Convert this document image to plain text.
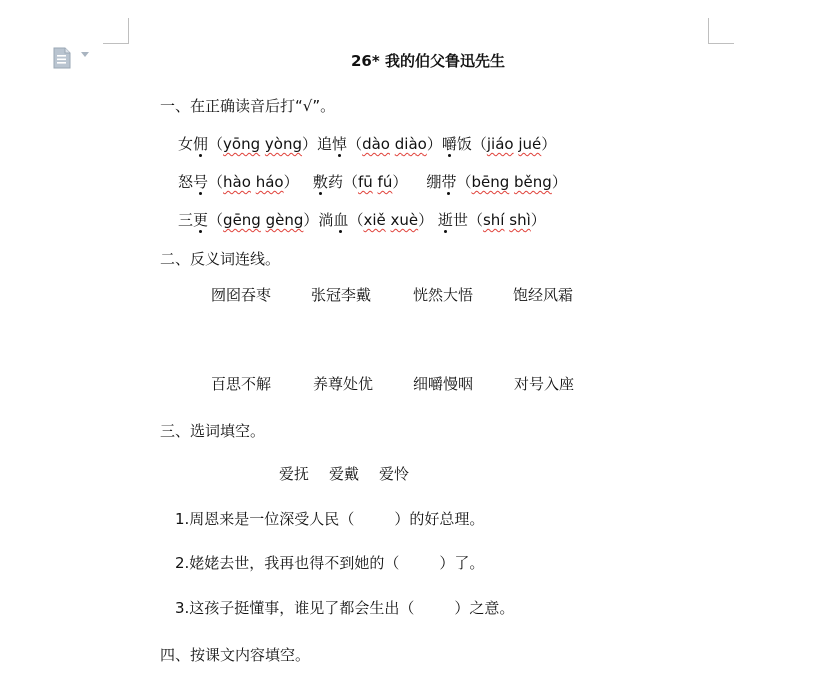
26* 我的伯父鲁迅先生
一、在正确读音后打“√”。
女佣（yōng yòng）追悼（dào diào）嚼饭（jiáo jué）
怒号（hào háo）   敷药（fū fú）    绷带（bēng běng）
三更（gēng gèng）淌血（xiě xuè） 逝世（shí shì）
二、反义词连线。
囫囵吞枣	张冠李戴	恍然大悟	饱经风霜
百思不解	养尊处优	细嚼慢咽	对号入座
三、选词填空。
爱抚 爱戴 爱怜
1.周恩来是一位深受人民（	）的好总理。
2.姥姥去世，我再也得不到她的（	）了。
3.这孩子挺懂事，谁见了都会生出（	）之意。
四、按课文内容填空。
